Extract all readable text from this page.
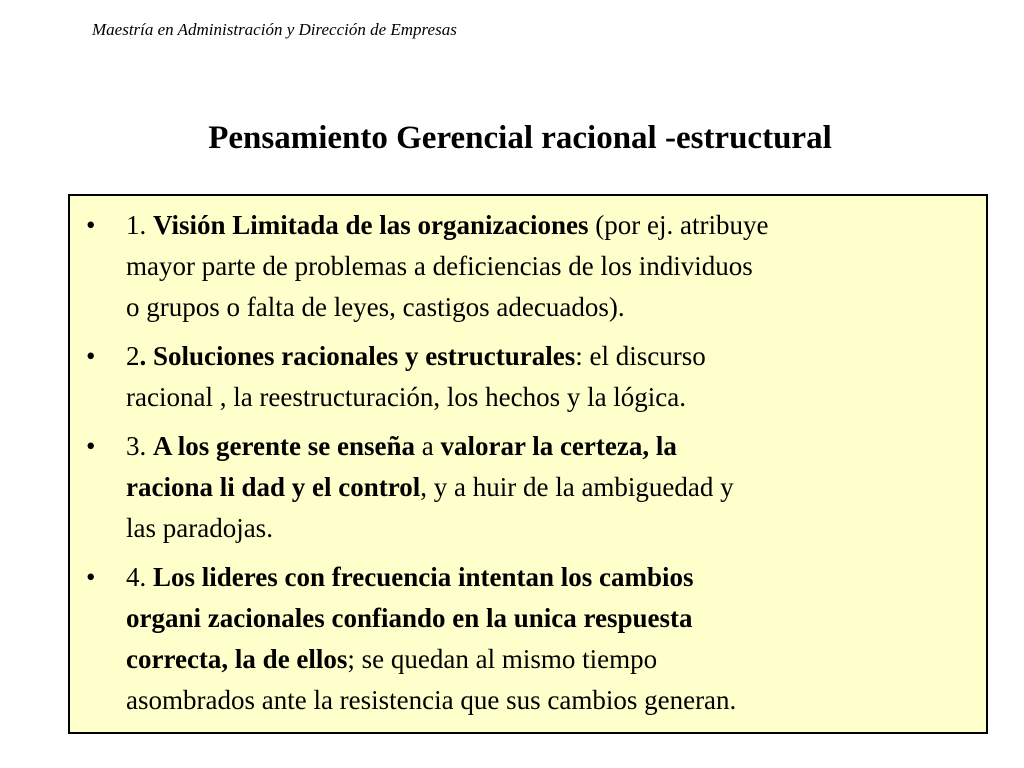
Maestría en Administración y Dirección de Empresas
Pensamiento Gerencial racional -estructural
• 1. Visión Limitada de las organizaciones (por ej. atribuye
mayor parte de problemas a deficiencias de los individuos
o grupos o falta de leyes, castigos adecuados).
• 2. Soluciones racionales y estructurales: el discurso
racional , la reestructuración, los hechos y la lógica.
• 3. A los gerente se enseña a valorar la certeza, la
raciona li dad y el control, y a huir de la ambiguedad y
las paradojas.
• 4. Los lideres con frecuencia intentan los cambios
organi zacionales confiando en la unica respuesta
correcta, la de ellos; se quedan al mismo tiempo
asombrados ante la resistencia que sus cambios generan.
